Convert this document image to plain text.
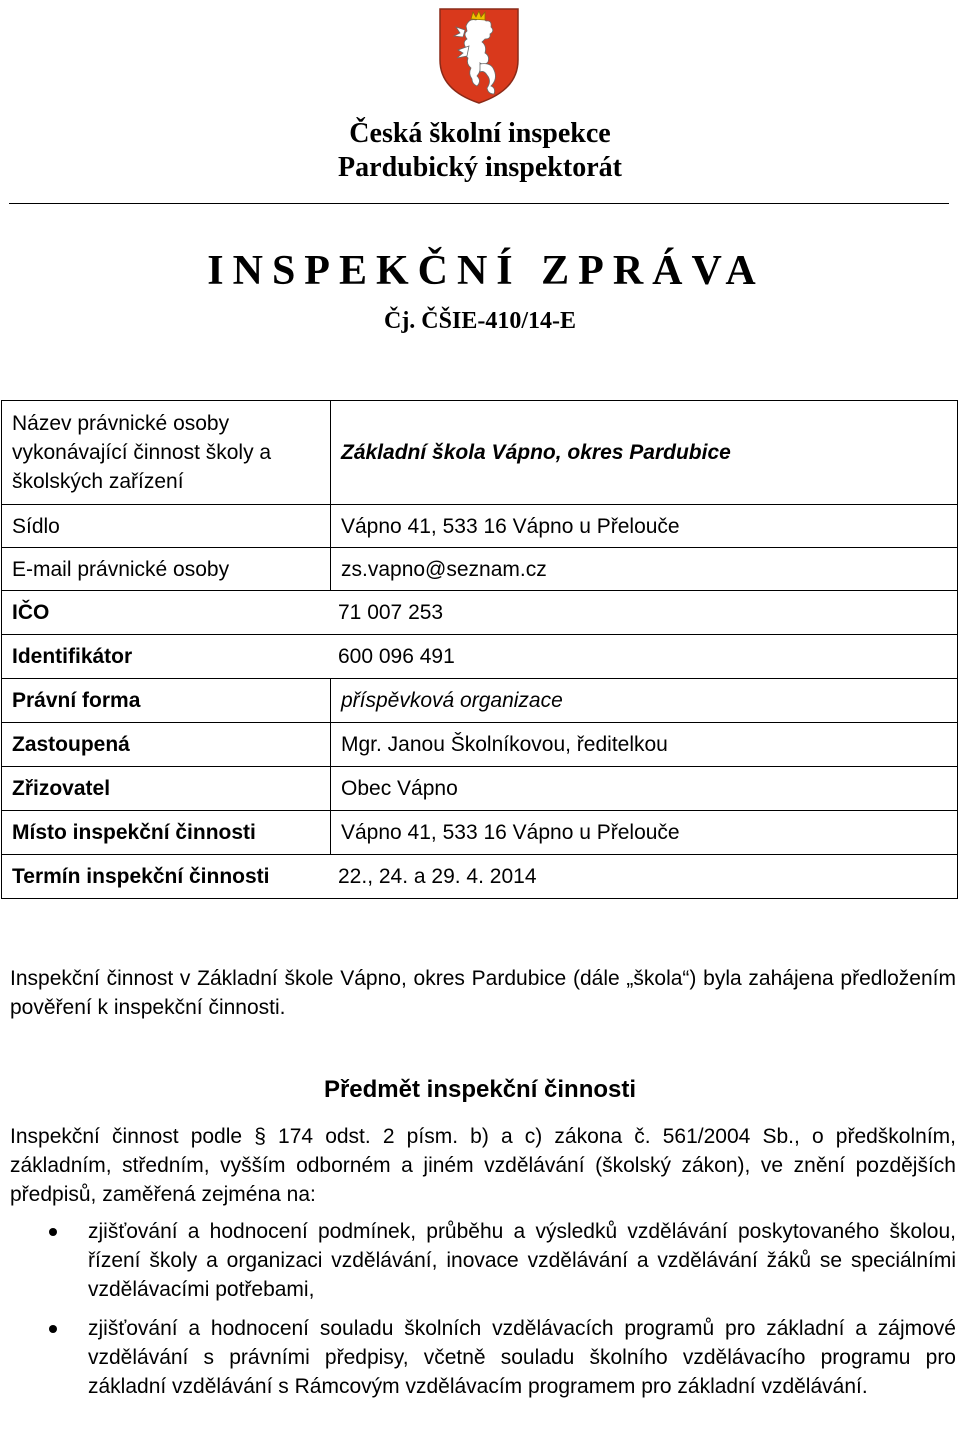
Česká školní inspekce
Pardubický inspektorát
INSPEKČNÍ ZPRÁVA
Čj. ČŠIE-410/14-E
Název právnické osoby vykonávající činnost školy a školských zařízení	Základní škola Vápno, okres Pardubice
Sídlo	Vápno 41, 533 16 Vápno u Přelouče
E-mail právnické osoby	zs.vapno@seznam.cz
IČO 71 007 253	
Identifikátor 600 096 491	
Právní forma	příspěvková organizace
Zastoupená	Mgr. Janou Školníkovou, ředitelkou
Zřizovatel	Obec Vápno
Místo inspekční činnosti	Vápno 41, 533 16 Vápno u Přelouče
Termín inspekční činnosti 22., 24. a 29. 4. 2014	
Inspekční činnost v Základní škole Vápno, okres Pardubice (dále „škola“) byla zahájena předložením pověření k inspekční činnosti.
Předmět inspekční činnosti
Inspekční činnost podle § 174 odst. 2 písm. b) a c) zákona č. 561/2004 Sb., o předškolním, základním, středním, vyšším odborném a jiném vzdělávání (školský zákon), ve znění pozdějších předpisů, zaměřená zejména na:
zjišťování a hodnocení podmínek, průběhu a výsledků vzdělávání poskytovaného školou, řízení školy a organizaci vzdělávání, inovace vzdělávání a vzdělávání žáků se speciálními vzdělávacími potřebami,
zjišťování a hodnocení souladu školních vzdělávacích programů pro základní a zájmové vzdělávání s právními předpisy, včetně souladu školního vzdělávacího programu pro základní vzdělávání s Rámcovým vzdělávacím programem pro základní vzdělávání.
